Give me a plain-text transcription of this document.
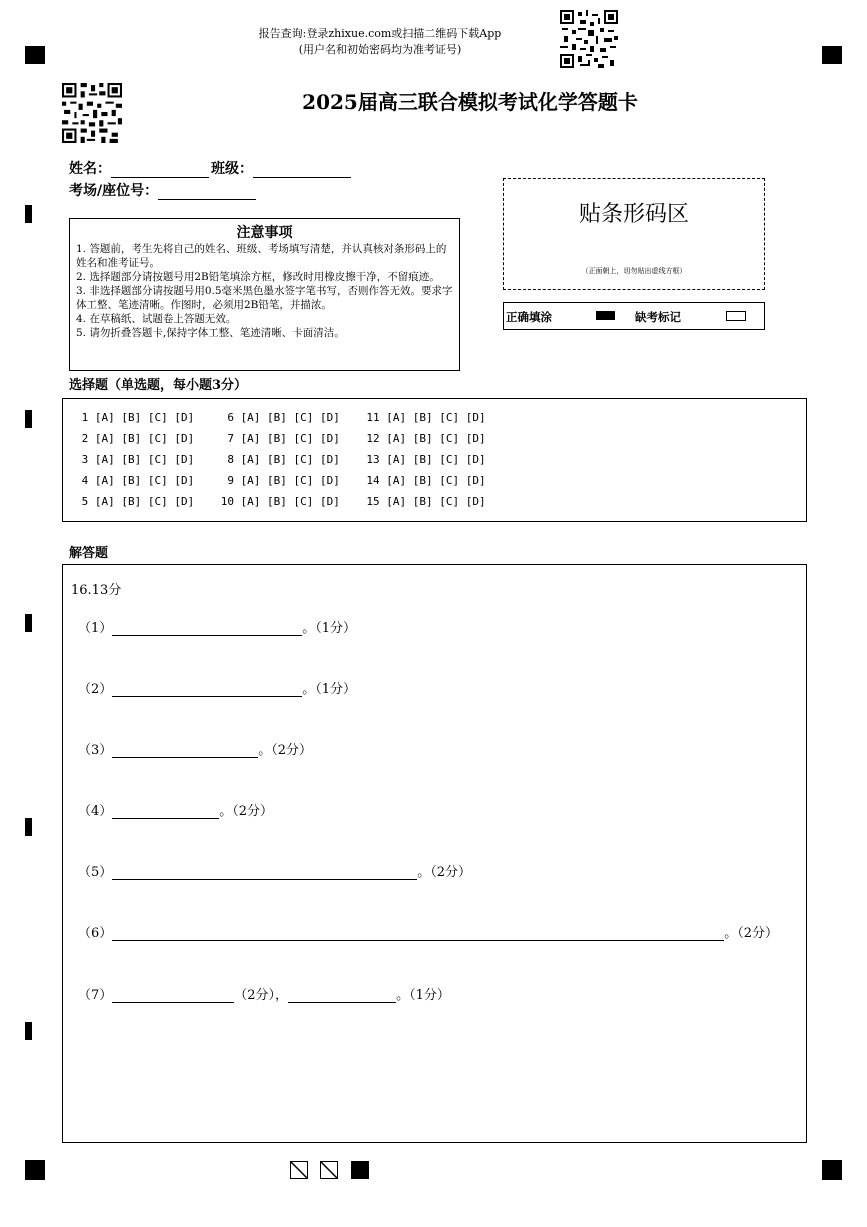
报告查询:登录zhixue.com或扫描二维码下载App
(用户名和初始密码均为准考证号)
2025届高三联合模拟考试化学答题卡
姓名：	班级：
考场/座位号：
注意事项
1. 答题前，考生先将自己的姓名、班级、考场填写清楚，并认真核对条形码上的姓名和准考证号。
2. 选择题部分请按题号用2B铅笔填涂方框，修改时用橡皮擦干净，不留痕迹。
3. 非选择题部分请按题号用0.5毫米黑色墨水签字笔书写，否则作答无效。要求字体工整、笔迹清晰。作图时，必须用2B铅笔，并描浓。
4. 在草稿纸、试题卷上答题无效。
5. 请勿折叠答题卡,保持字体工整、笔迹清晰、卡面清洁。
贴条形码区
（正面朝上，切勿贴出虚线方框）
正确填涂	缺考标记
选择题（单选题，每小题3分）
1 [A] [B] [C] [D]     6 [A] [B] [C] [D]    11 [A] [B] [C] [D]
2 [A] [B] [C] [D]     7 [A] [B] [C] [D]    12 [A] [B] [C] [D]
3 [A] [B] [C] [D]     8 [A] [B] [C] [D]    13 [A] [B] [C] [D]
4 [A] [B] [C] [D]     9 [A] [B] [C] [D]    14 [A] [B] [C] [D]
5 [A] [B] [C] [D]    10 [A] [B] [C] [D]    15 [A] [B] [C] [D]
解答题
16.13分
（1）	。（1分）
（2）	。（1分）
（3）	。（2分）
（4）	。（2分）
（5）	。（2分）
（6）	。（2分）
（7）	（2分），	。（1分）
